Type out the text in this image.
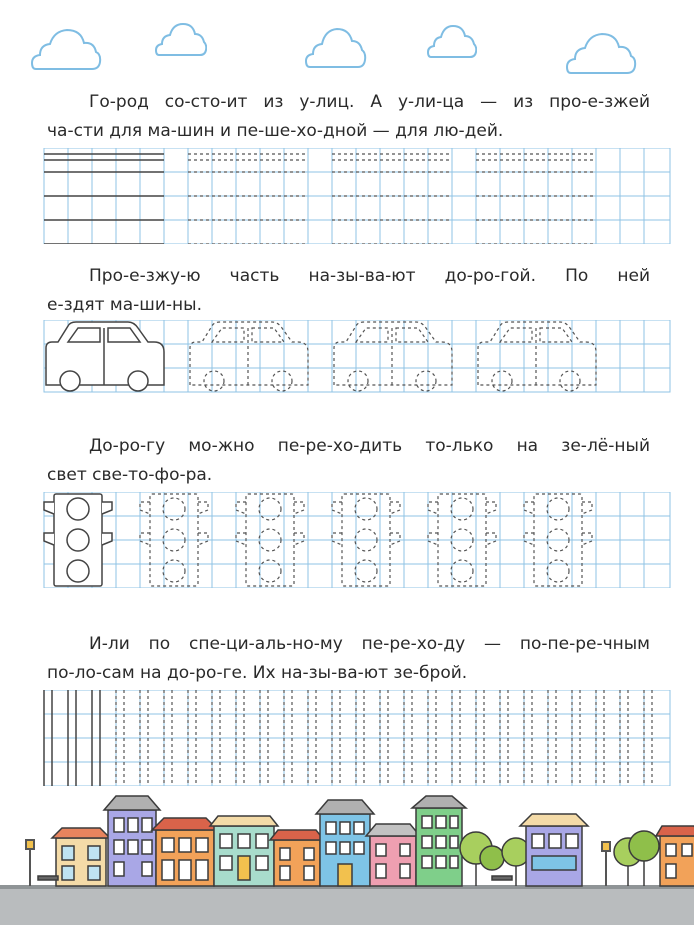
Го-род со-сто-ит из у-лиц. А у-ли-ца — из про-е-зжей
ча-сти для ма-шин и пе-ше-хо-дной — для лю-дей.
Про-е-зжу-ю часть на-зы-ва-ют до-ро-гой. По ней
е-здят ма-ши-ны.
До-ро-гу мо-жно пе-ре-хо-дить то-лько на зе-лё-ный
свет све-то-фо-ра.
И-ли по спе-ци-аль-но-му пе-ре-хо-ду — по-пе-ре-чным
по-ло-сам на до-ро-ге. Их на-зы-ва-ют зе-брой.
